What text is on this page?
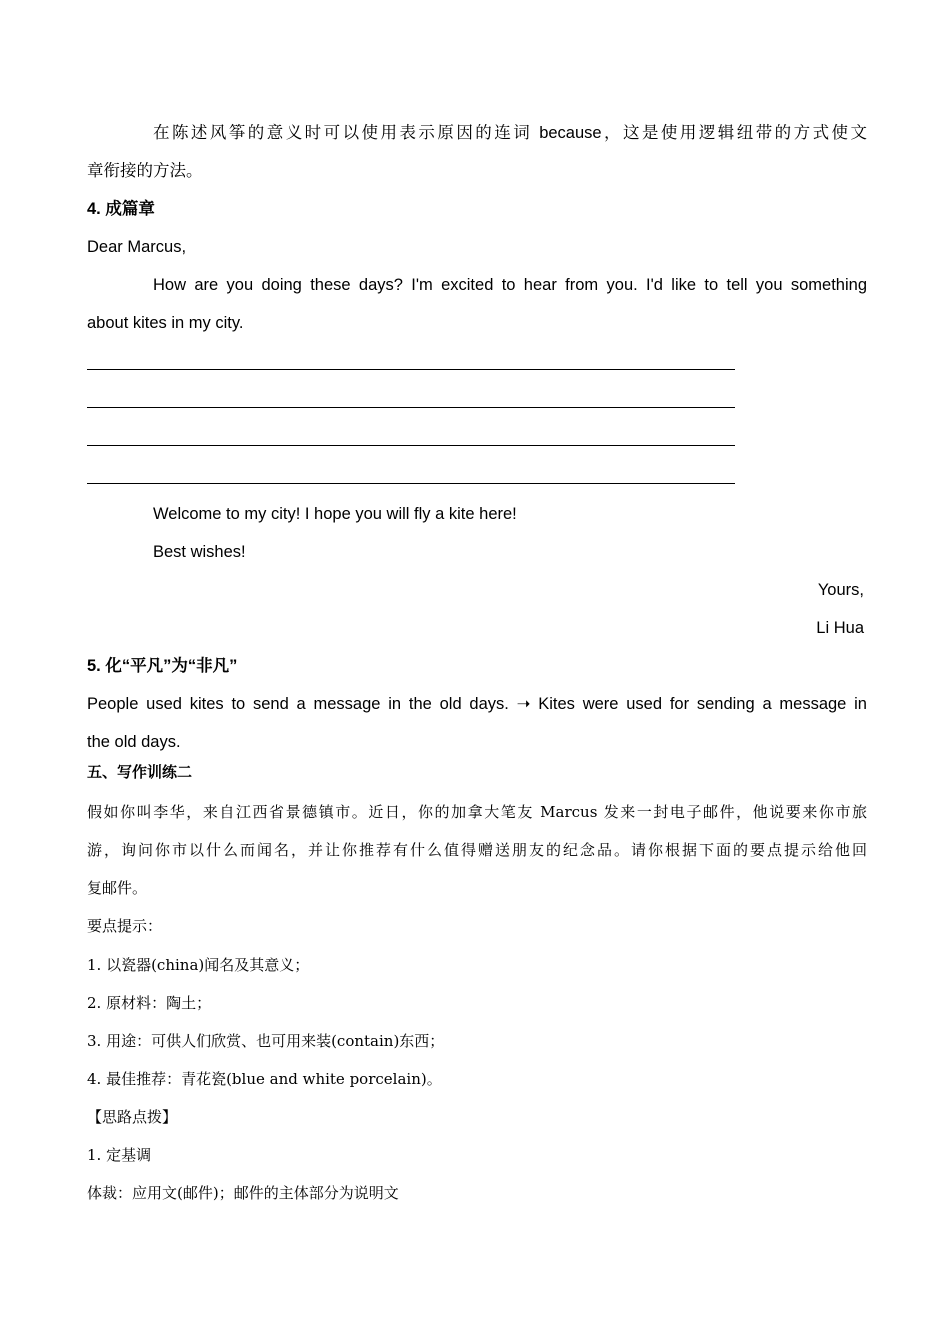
在陈述风筝的意义时可以使用表示原因的连词 because，这是使用逻辑纽带的方式使文
章衔接的方法。
4. 成篇章
Dear Marcus,
How are you doing these days? I'm excited to hear from you. I'd like to tell you something
about kites in my city.
Welcome to my city! I hope you will fly a kite here!
Best wishes!
Yours,
Li Hua
5. 化“平凡”为“非凡”
People used kites to send a message in the old days. ➝ Kites were used for sending a message in
the old days.
五、写作训练二
假如你叫李华，来自江西省景德镇市。近日，你的加拿大笔友 Marcus 发来一封电子邮件，他说要来你市旅
游，询问你市以什么而闻名，并让你推荐有什么值得赠送朋友的纪念品。请你根据下面的要点提示给他回
复邮件。
要点提示：
1. 以瓷器(china)闻名及其意义；
2. 原材料：陶土；
3. 用途：可供人们欣赏、也可用来装(contain)东西；
4. 最佳推荐：青花瓷(blue and white porcelain)。
【思路点拨】
1. 定基调
体裁：应用文(邮件)；邮件的主体部分为说明文
